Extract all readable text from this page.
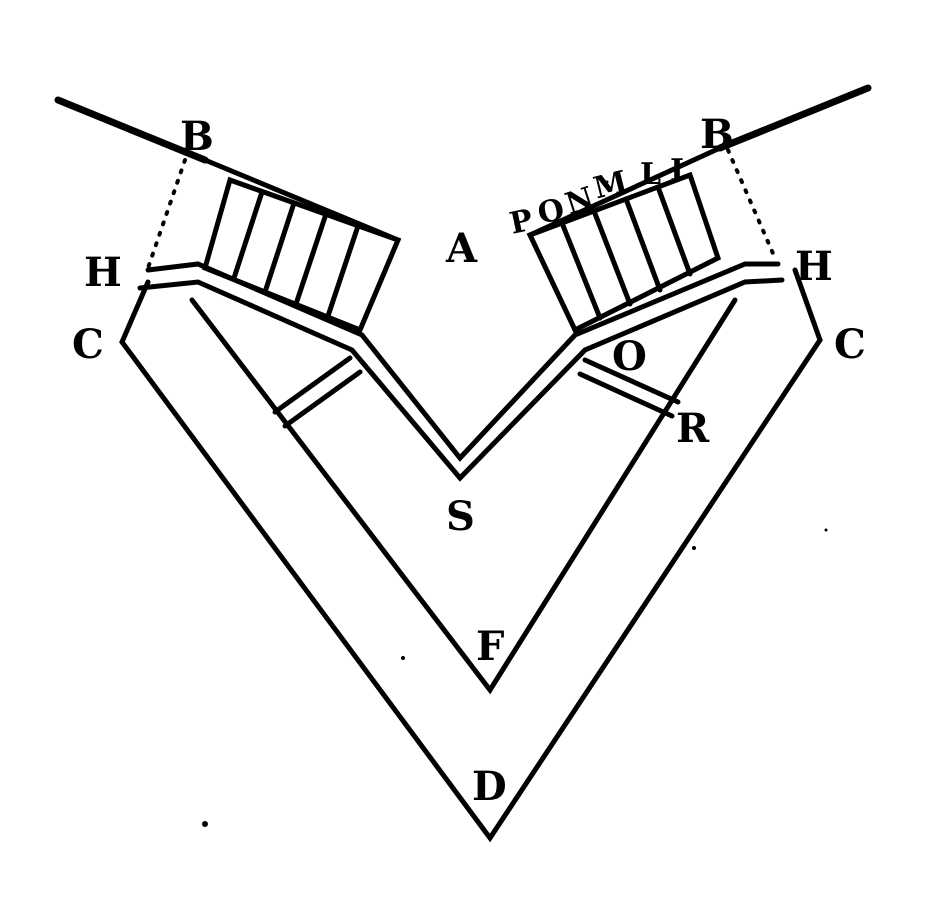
B	B
A
H	H
C	C
P
O
N
M L I
O
R
S
F
D
